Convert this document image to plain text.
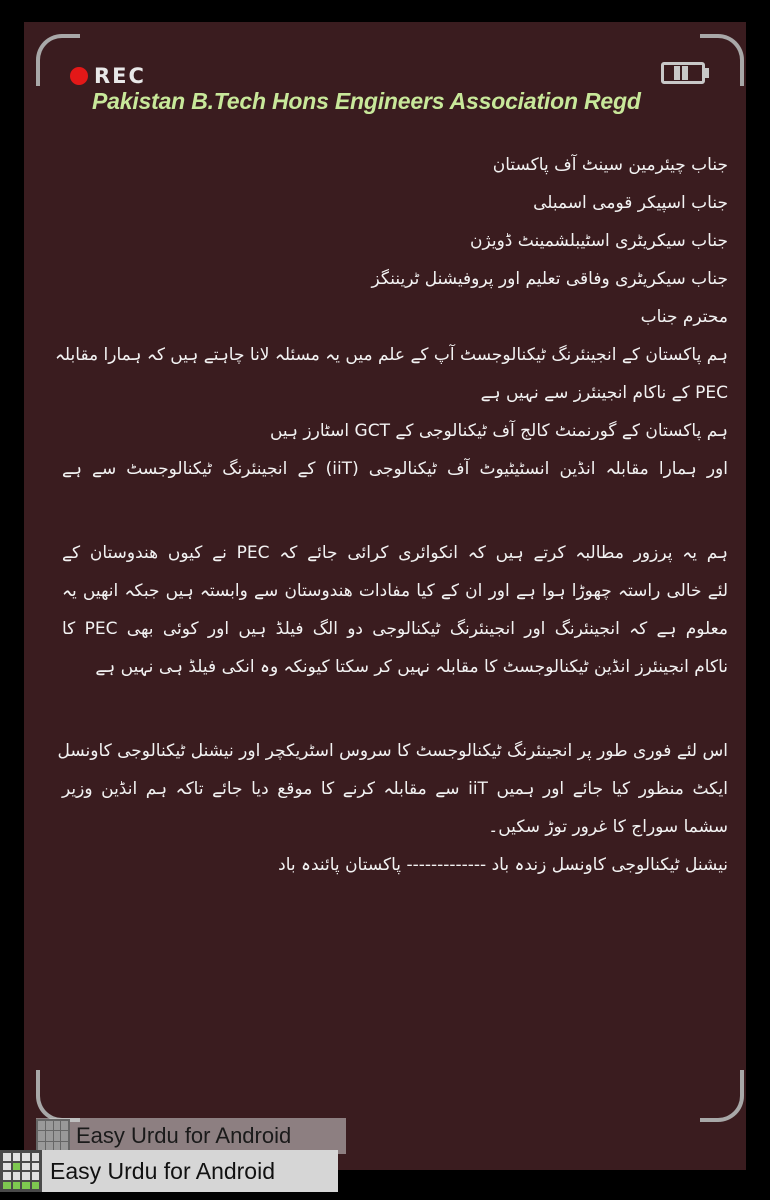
REC
Pakistan B.Tech Hons Engineers Association Regd
جناب چیئرمین سینٹ آف پاکستان
جناب اسپیکر قومی اسمبلی
جناب سیکریٹری اسٹیبلشمینٹ ڈویژن
جناب سیکریٹری وفاقی تعلیم اور پروفیشنل ٹریننگز
محترم جناب
ہم پاکستان کے انجینئرنگ ٹیکنالوجسٹ آپ کے علم میں یہ مسئلہ لانا چاہتے ہیں کہ ہمارا مقابلہ
PEC کے ناکام انجینئرز سے نہیں ہے
ہم پاکستان کے گورنمنٹ کالج آف ٹیکنالوجی کے GCT اسٹارز ہیں
اور ہمارا مقابلہ انڈین انسٹیٹیوٹ آف ٹیکنالوجی (iiT) کے انجینئرنگ ٹیکنالوجسٹ سے ہے
ہم یہ پرزور مطالبہ کرتے ہیں کہ انکوائری کرائی جائے کہ PEC نے کیوں ھندوستان کے
لئے خالی راستہ چھوڑا ہوا ہے اور ان کے کیا مفادات ھندوستان سے وابستہ ہیں جبکہ انھیں یہ
معلوم ہے کہ انجینئرنگ اور انجینئرنگ ٹیکنالوجی دو الگ فیلڈ ہیں اور کوئی بھی PEC کا
ناکام انجینئرز انڈین ٹیکنالوجسٹ کا مقابلہ نہیں کر سکتا کیونکہ وہ انکی فیلڈ ہی نہیں ہے
اس لئے فوری طور پر انجینئرنگ ٹیکنالوجسٹ کا سروس اسٹریکچر اور نیشنل ٹیکنالوجی کاونسل
ایکٹ منظور کیا جائے اور ہمیں iiT سے مقابلہ کرنے کا موقع دیا جائے تاکہ ہم انڈین وزیر
سشما سوراج کا غرور توڑ سکیں۔
نیشنل ٹیکنالوجی کاونسل زندہ باد ------------- پاکستان پائندہ باد
Easy Urdu for Android
Easy Urdu for Android
